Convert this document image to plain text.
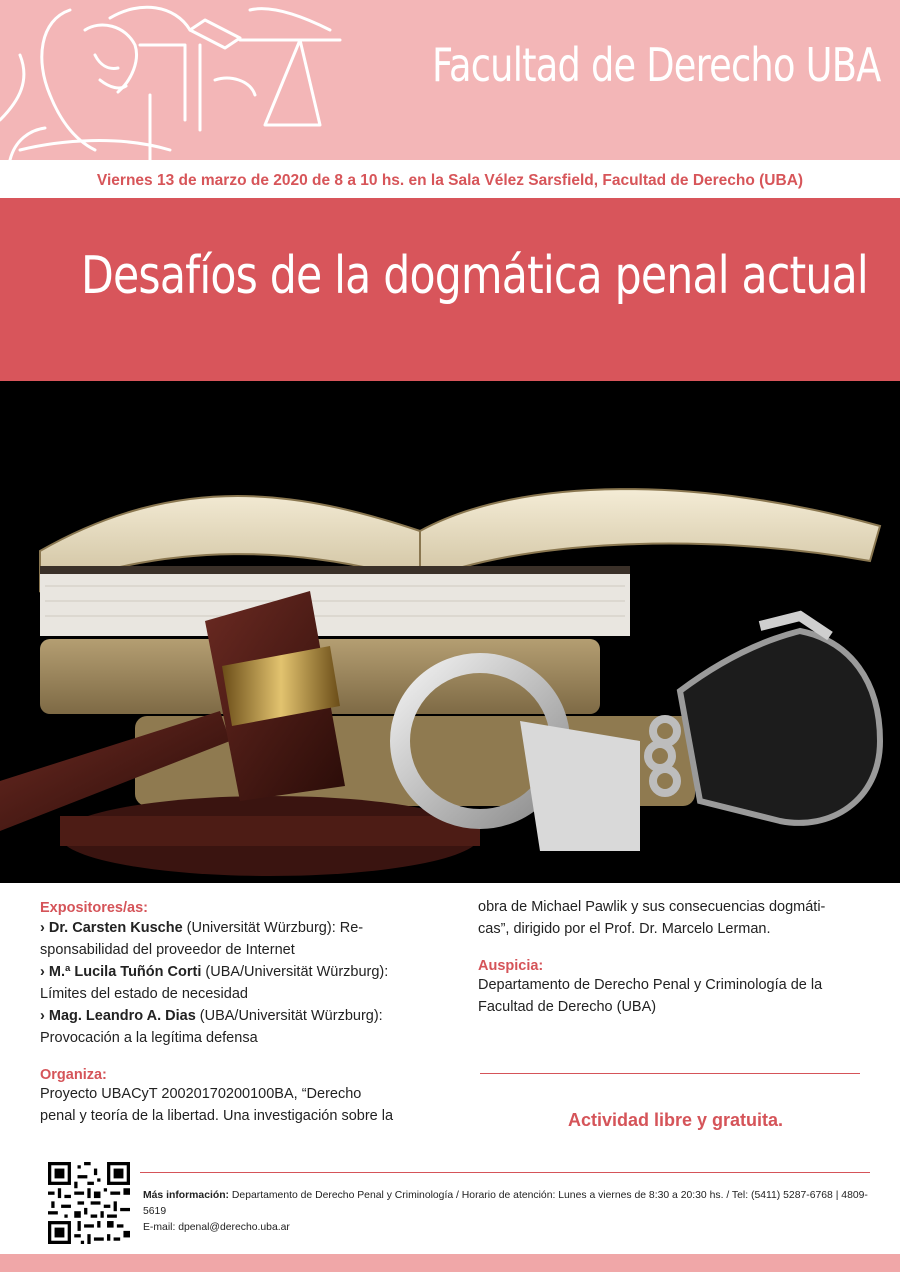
Facultad de Derecho UBA
Viernes 13 de marzo de 2020 de 8 a 10 hs. en la Sala Vélez Sarsfield, Facultad de Derecho (UBA)
Desafíos de la dogmática penal actual
Expositores/as:
› Dr. Carsten Kusche (Universität Würzburg): Re-
sponsabilidad del proveedor de Internet
› M.ª Lucila Tuñón Corti (UBA/Universität Würzburg):
Límites del estado de necesidad
› Mag. Leandro A. Dias (UBA/Universität Würzburg):
Provocación a la legítima defensa
Organiza:
Proyecto UBACyT 20020170200100BA, “Derecho
penal y teoría de la libertad. Una investigación sobre la
obra de Michael Pawlik y sus consecuencias dogmáti-
cas”, dirigido por el Prof. Dr. Marcelo Lerman.
Auspicia:
Departamento de Derecho Penal y Criminología de la
Facultad de Derecho (UBA)
Actividad libre y gratuita.
Más información: Departamento de Derecho Penal y Criminología / Horario de atención: Lunes a viernes de 8:30 a 20:30 hs. / Tel: (5411) 5287-6768 | 4809-5619
E-mail: dpenal@derecho.uba.ar
